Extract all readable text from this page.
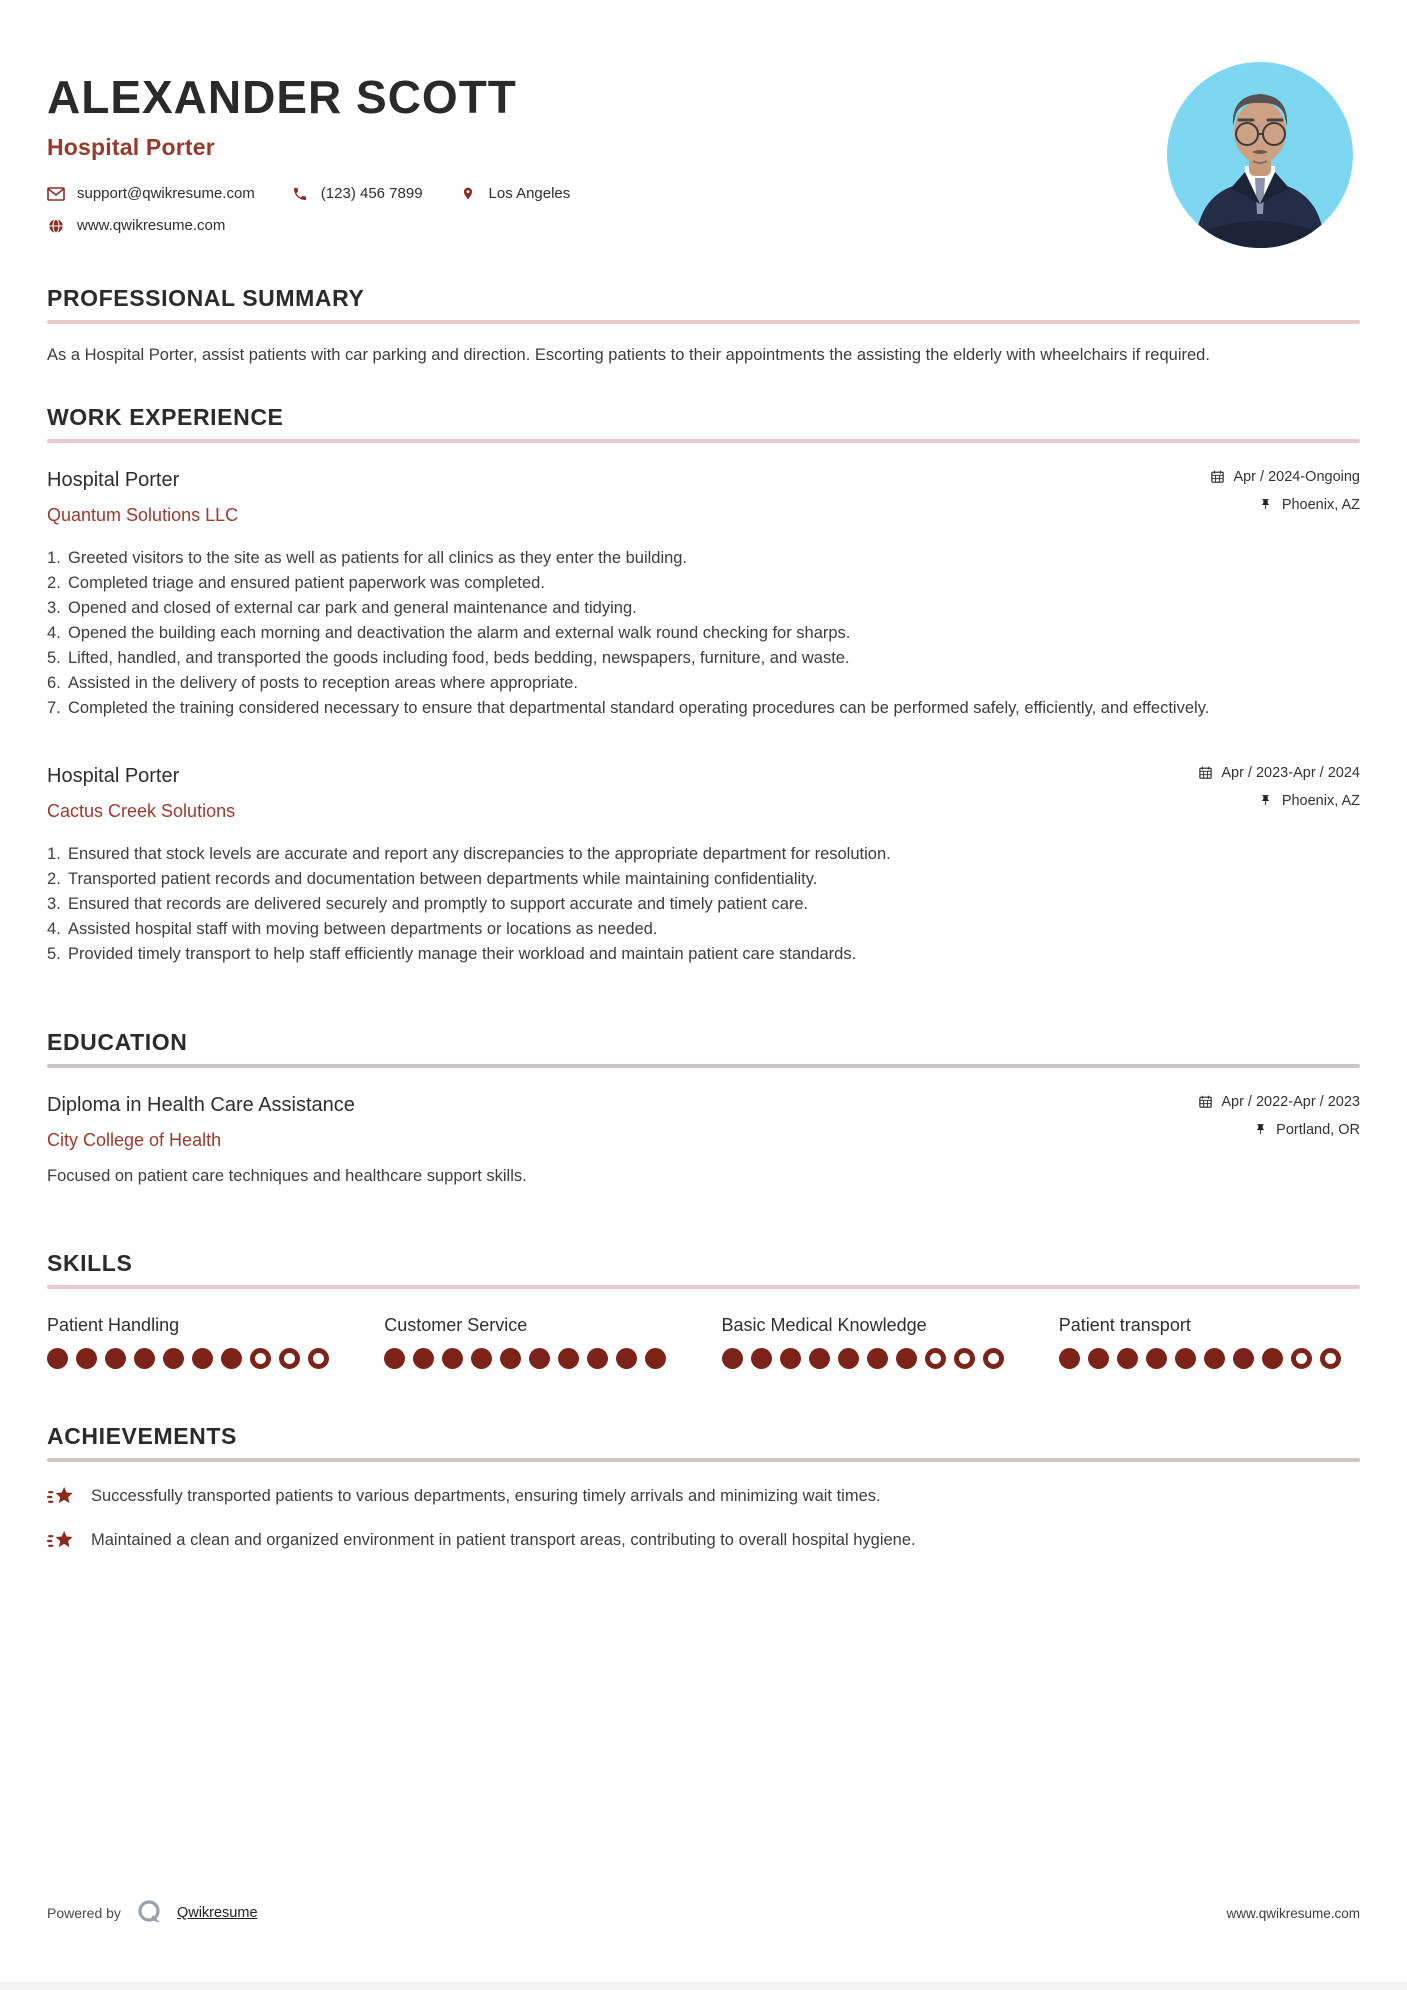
ALEXANDER SCOTT
Hospital Porter
support@qwikresume.com	(123) 456 7899	Los Angeles
www.qwikresume.com
PROFESSIONAL SUMMARY

As a Hospital Porter, assist patients with car parking and direction. Escorting patients to their appointments the assisting the elderly with wheelchairs if required.

WORK EXPERIENCE
Hospital Porter
Quantum Solutions LLC
Apr / 2024-Ongoing
Phoenix, AZ
Greeted visitors to the site as well as patients for all clinics as they enter the building.
Completed triage and ensured patient paperwork was completed.
Opened and closed of external car park and general maintenance and tidying.
Opened the building each morning and deactivation the alarm and external walk round checking for sharps.
Lifted, handled, and transported the goods including food, beds bedding, newspapers, furniture, and waste.
Assisted in the delivery of posts to reception areas where appropriate.
Completed the training considered necessary to ensure that departmental standard operating procedures can be performed safely, efficiently, and effectively.
Hospital Porter
Cactus Creek Solutions
Apr / 2023-Apr / 2024
Phoenix, AZ
Ensured that stock levels are accurate and report any discrepancies to the appropriate department for resolution.
Transported patient records and documentation between departments while maintaining confidentiality.
Ensured that records are delivered securely and promptly to support accurate and timely patient care.
Assisted hospital staff with moving between departments or locations as needed.
Provided timely transport to help staff efficiently manage their workload and maintain patient care standards.
EDUCATION
Diploma in Health Care Assistance
City College of Health
Apr / 2022-Apr / 2023
Portland, OR
Focused on patient care techniques and healthcare support skills.
SKILLS
Patient Handling	Customer Service	Basic Medical Knowledge	Patient transport
ACHIEVEMENTS
Successfully transported patients to various departments, ensuring timely arrivals and minimizing wait times.
Maintained a clean and organized environment in patient transport areas, contributing to overall hospital hygiene.
Powered by	Qwikresume	www.qwikresume.com
